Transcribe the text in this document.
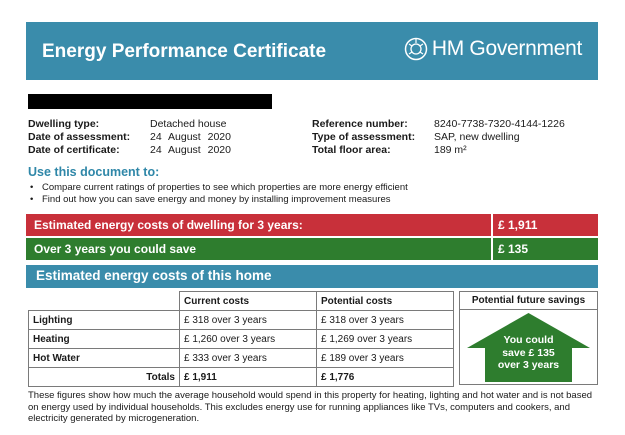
Energy Performance Certificate	HM Government
Dwelling type:	Detached house
Date of assessment: 24 August 2020
Date of certificate:	24 August 2020
Reference number:	8240-7738-7320-4144-1226
Type of assessment: SAP, new dwelling
Total floor area:	189 m²
Use this document to:
• Compare current ratings of properties to see which properties are more energy efficient
• Find out how you can save energy and money by installing improvement measures
Estimated energy costs of dwelling for 3 years:	£ 1,911
Over 3 years you could save	£ 135
Estimated energy costs of this home
	Current costs	Potential costs
Lighting	£ 318 over 3 years	£ 318 over 3 years
Heating	£ 1,260 over 3 years	£ 1,269 over 3 years
Hot Water	£ 333 over 3 years	£ 189 over 3 years
Totals	£ 1,911	£ 1,776
Potential future savings
You could
save £ 135
over 3 years
These figures show how much the average household would spend in this property for heating, lighting and hot water and is not based on energy used by individual households. This excludes energy use for running appliances like TVs, computers and cookers, and electricity generated by microgeneration.
